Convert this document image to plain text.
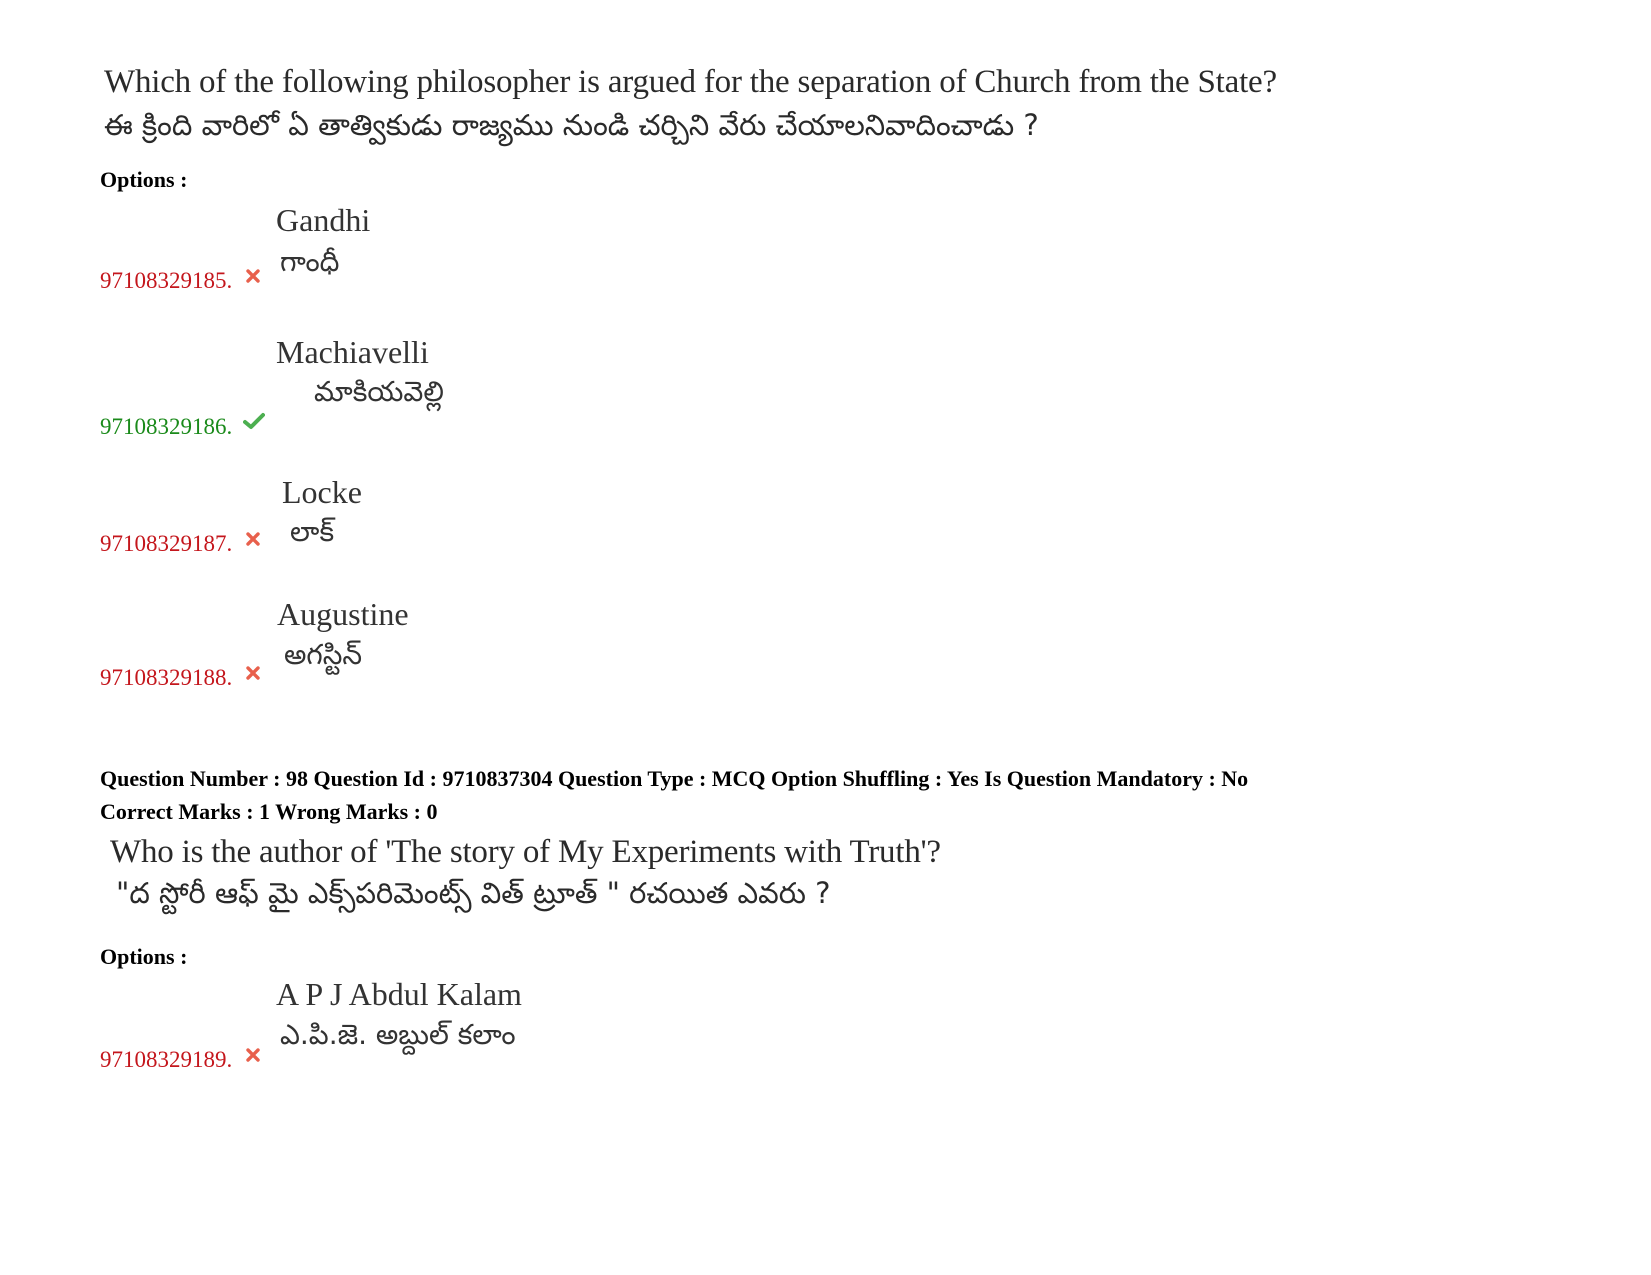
Which of the following philosopher is argued for the separation of Church from the State?
ఈ క్రింది వారిలో ఏ తాత్వికుడు రాజ్యము నుండి చర్చిని వేరు చేయాలనివాదించాడు ?
Options :
Gandhi
గాంధీ
97108329185.
Machiavelli
మాకియవెల్లి
97108329186.
Locke
లాక్
97108329187.
Augustine
అగస్టిన్
97108329188.
Question Number : 98 Question Id : 9710837304 Question Type : MCQ Option Shuffling : Yes Is Question Mandatory : No
Correct Marks : 1 Wrong Marks : 0
Who is the author of 'The story of My Experiments with Truth'?
"ద స్టోరీ ఆఫ్ మై ఎక్స్‌పరిమెంట్స్ విత్ ట్రూత్ " రచయిత ఎవరు ?
Options :
A P J Abdul Kalam
ఎ.పి.జె. అబ్దుల్ కలాం
97108329189.
